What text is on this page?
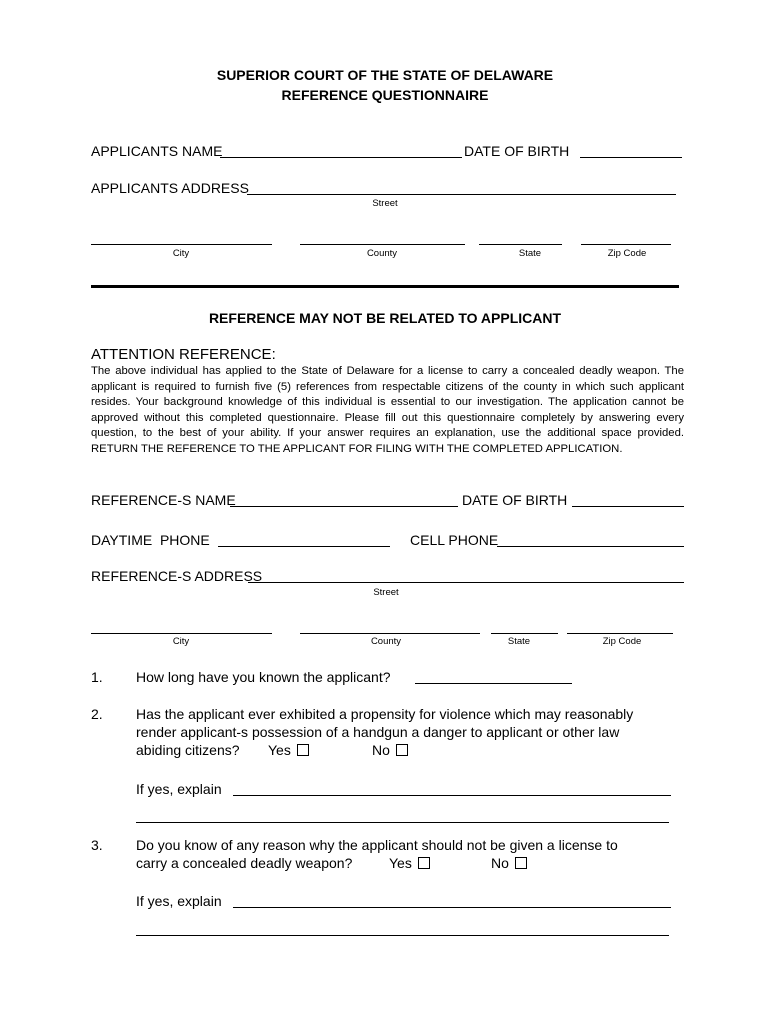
SUPERIOR COURT OF THE STATE OF DELAWARE
REFERENCE QUESTIONNAIRE
APPLICANTS NAME	DATE OF BIRTH
APPLICANTS ADDRESS
Street
City	County	State	Zip Code
REFERENCE MAY NOT BE RELATED TO APPLICANT
ATTENTION REFERENCE:
The above individual has applied to the State of Delaware for a license to carry a concealed deadly weapon. The applicant is required to furnish five (5) references from respectable citizens of the county in which such applicant resides. Your background knowledge of this individual is essential to our investigation. The application cannot be approved without this completed questionnaire. Please fill out this questionnaire completely by answering every question, to the best of your ability. If your answer requires an explanation, use the additional space provided. RETURN THE REFERENCE TO THE APPLICANT FOR FILING WITH THE COMPLETED APPLICATION.
REFERENCE-S NAME	DATE OF BIRTH
DAYTIME  PHONE	CELL PHONE
REFERENCE-S ADDRESS
Street
City	County	State	Zip Code
1. How long have you known the applicant?
2. Has the applicant ever exhibited a propensity for violence which may reasonably
render applicant-s possession of a handgun a danger to applicant or other law
abiding citizens? Yes	No
If yes, explain
3. Do you know of any reason why the applicant should not be given a license to
carry a concealed deadly weapon?	Yes	No
If yes, explain
